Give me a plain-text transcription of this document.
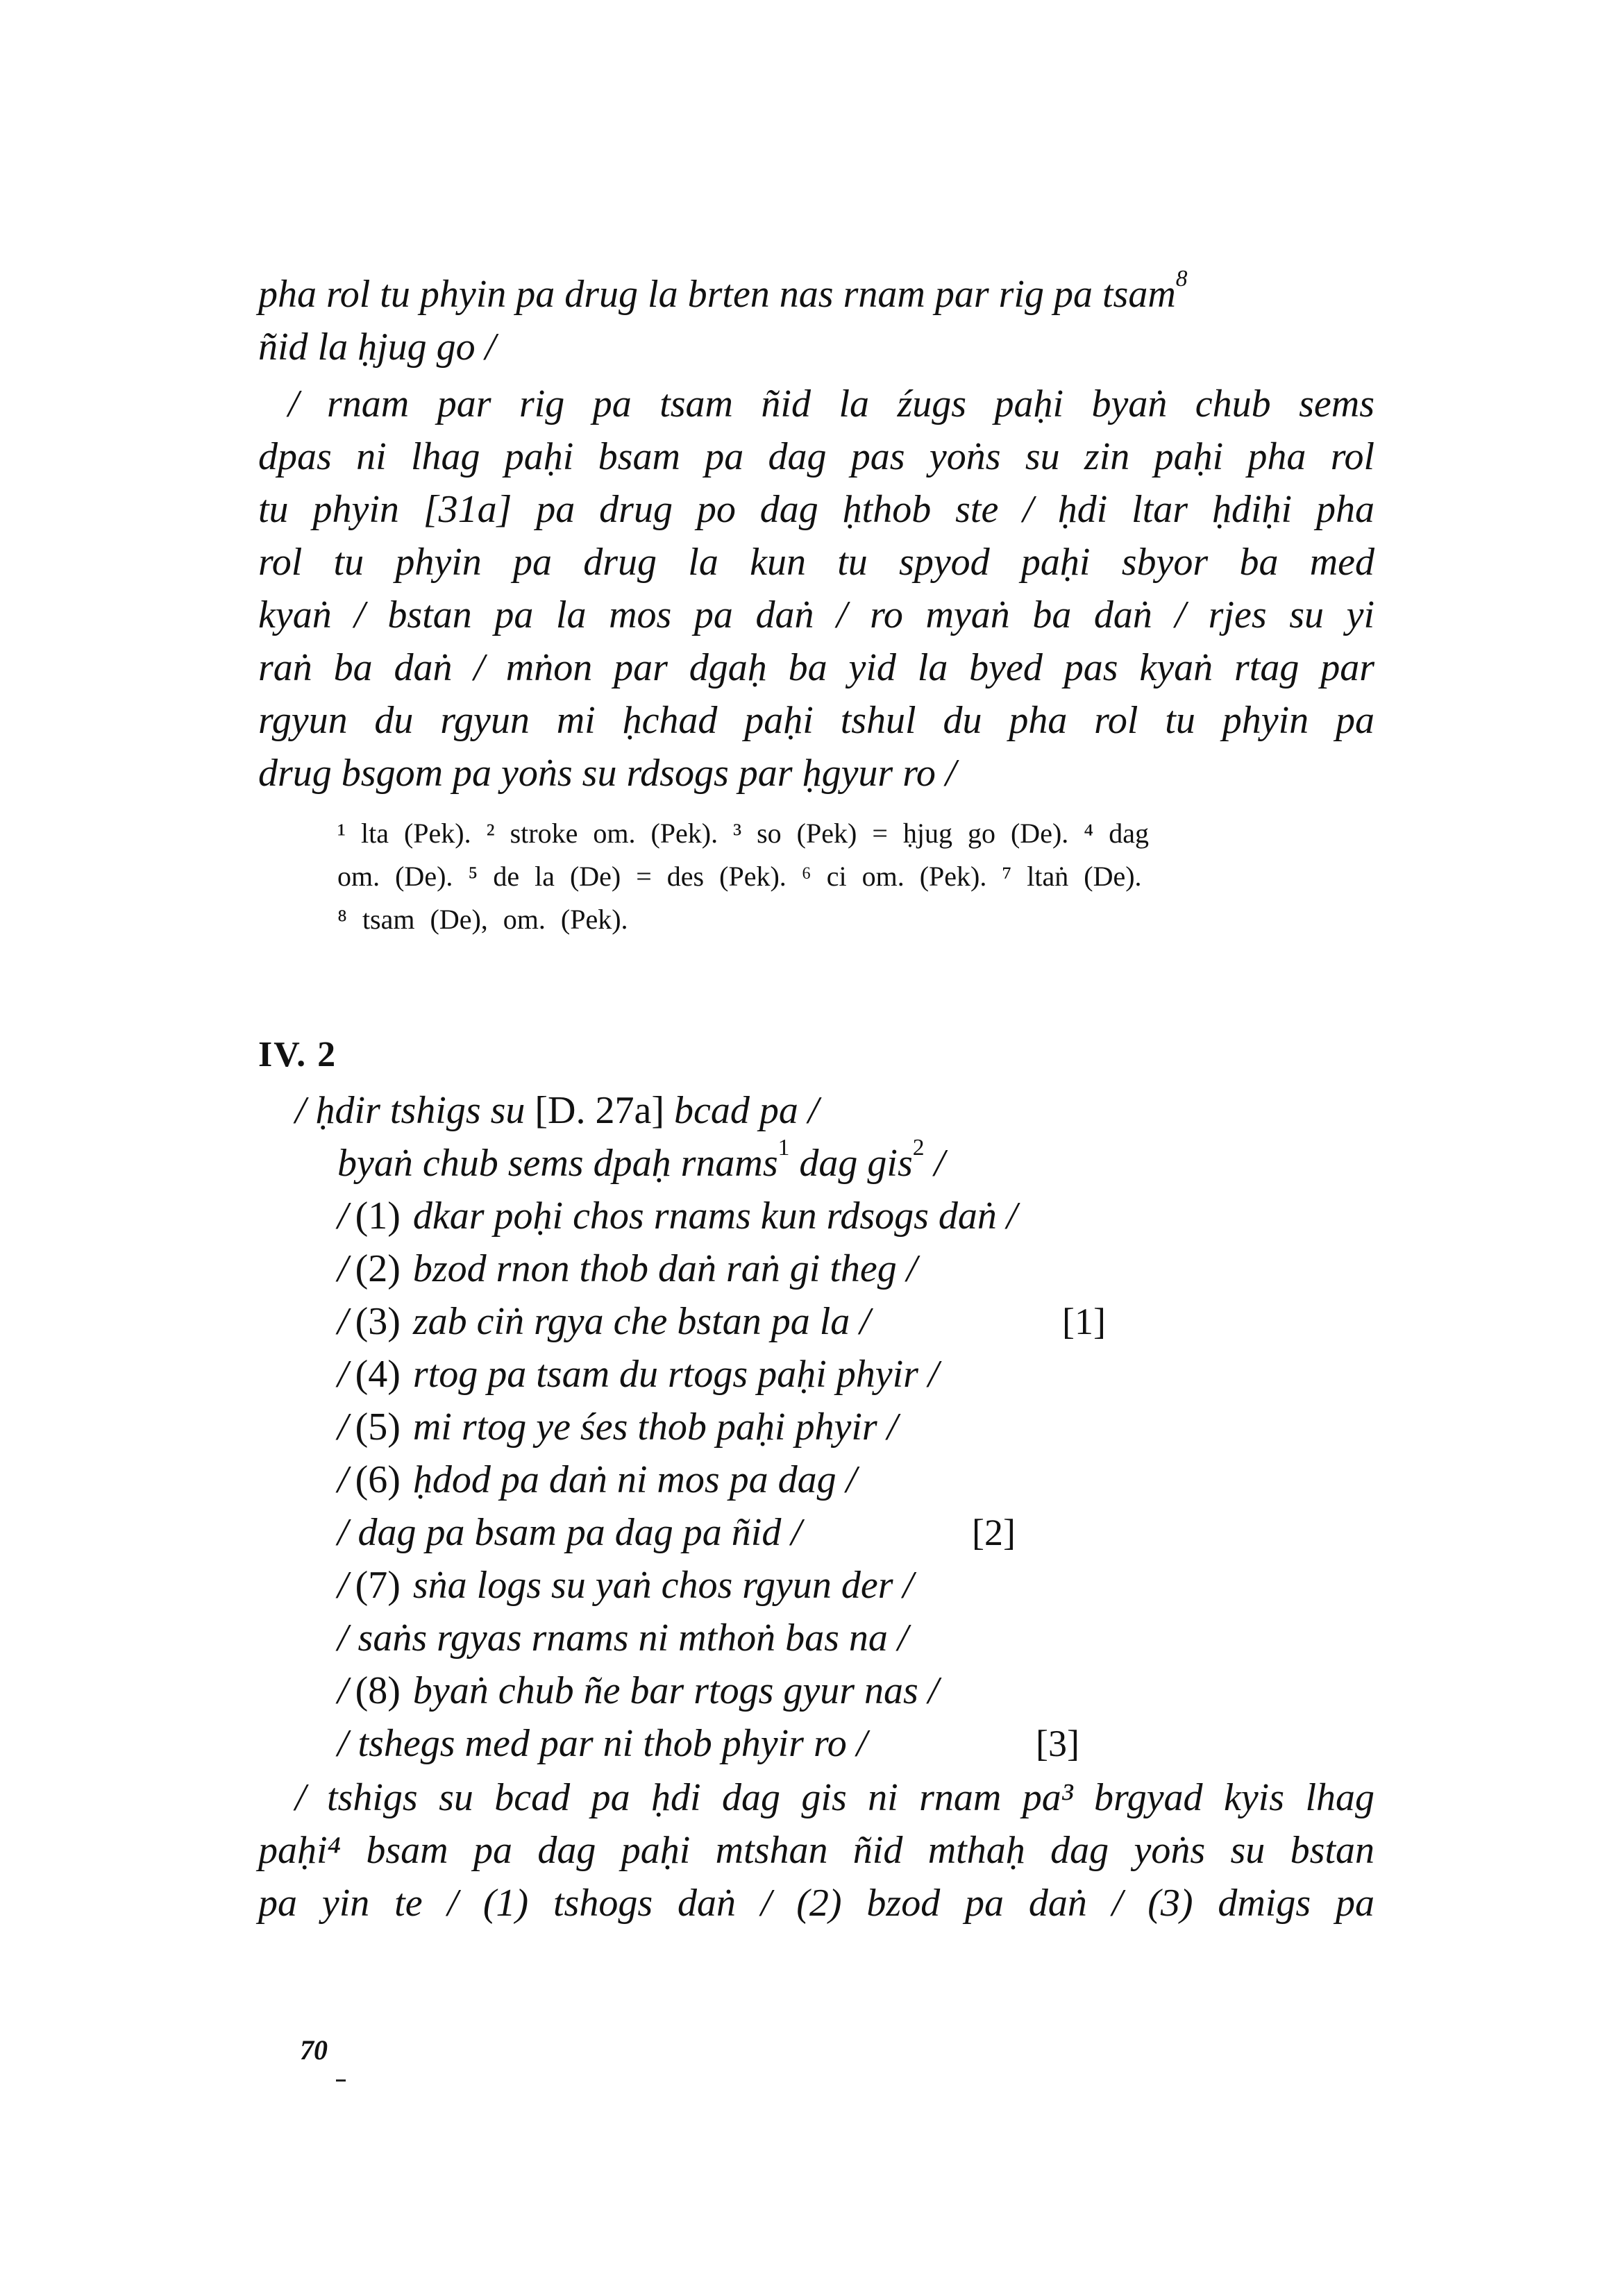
pha rol tu phyin pa drug la brten nas rnam par rig pa tsam$^8$
ñid la ḥjug go /
/ rnam par rig pa tsam ñid la źugs paḥi byaṅ chub sems
dpas ni lhag paḥi bsam pa dag pas yoṅs su zin paḥi pha rol
tu phyin [31a] pa drug po dag ḥthob ste / ḥdi ltar ḥdiḥi pha
rol tu phyin pa drug la kun tu spyod paḥi sbyor ba med
kyaṅ / bstan pa la mos pa daṅ / ro myaṅ ba daṅ / rjes su yi
raṅ ba daṅ / mṅon par dgaḥ ba yid la byed pas kyaṅ rtag par
rgyun du rgyun mi ḥchad paḥi tshul du pha rol tu phyin pa
drug bsgom pa yoṅs su rdsogs par ḥgyur ro /
¹ lta (Pek). ² stroke om. (Pek). ³ so (Pek) = ḥjug go (De). ⁴ dag
om. (De). ⁵ de la (De) = des (Pek). ⁶ ci om. (Pek). ⁷ ltaṅ (De).
⁸ tsam (De), om. (Pek).
IV. 2
/ ḥdir tshigs su [D. 27a] bcad pa /
byaṅ chub sems dpaḥ rnams$^1$ dag gis$^2$ /
/ (1) dkar poḥi chos rnams kun rdsogs daṅ /
/ (2) bzod rnon thob daṅ raṅ gi theg /
/ (3) zab ciṅ rgya che bstan pa la /	[1]
/ (4) rtog pa tsam du rtogs paḥi phyir /
/ (5) mi rtog ye śes thob paḥi phyir /
/ (6) ḥdod pa daṅ ni mos pa dag /
/ dag pa bsam pa dag pa ñid /	[2]
/ (7) sṅa logs su yaṅ chos rgyun der /
/ saṅs rgyas rnams ni mthoṅ bas na /
/ (8) byaṅ chub ñe bar rtogs gyur nas /
/ tshegs med par ni thob phyir ro /	[3]
/ tshigs su bcad pa ḥdi dag gis ni rnam pa³ brgyad kyis lhag
paḥi⁴ bsam pa dag paḥi mtshan ñid mthaḥ dag yoṅs su bstan
pa yin te / (1) tshogs daṅ / (2) bzod pa daṅ / (3) dmigs pa
70
